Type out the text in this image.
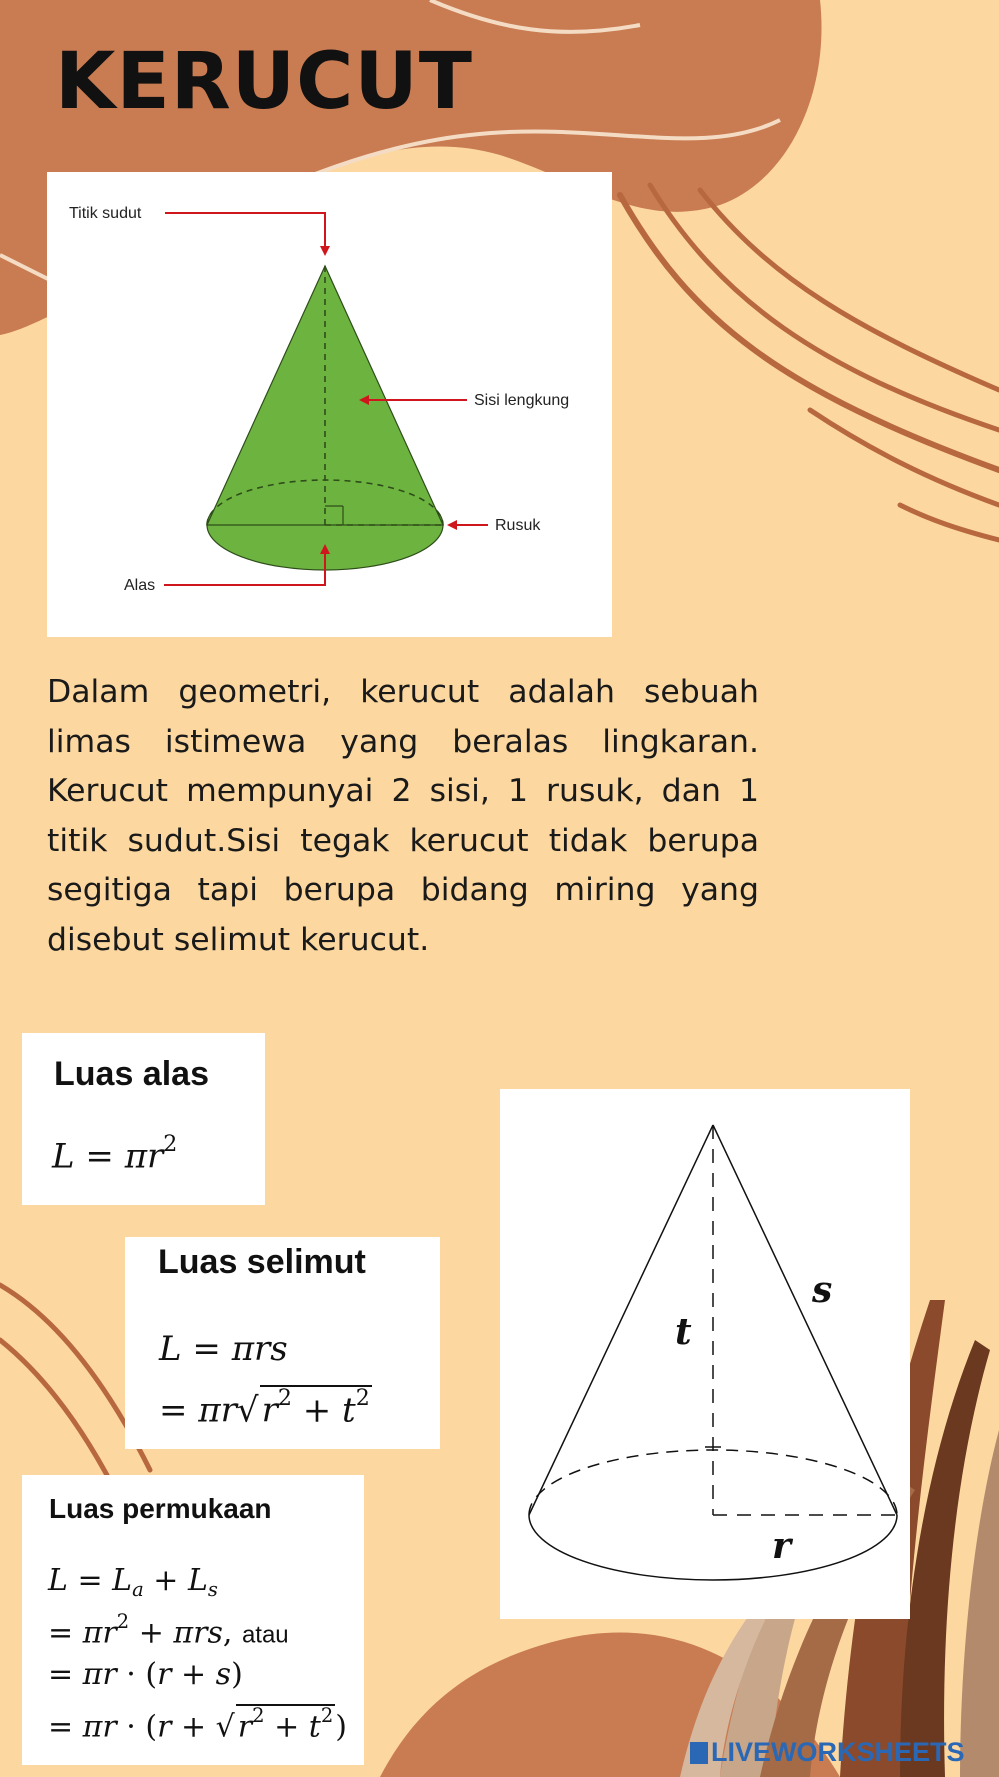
KERUCUT
Titik sudut
Sisi lengkung
Rusuk
Alas

Dalam geometri, kerucut adalah sebuah limas istimewa yang beralas lingkaran. Kerucut mempunyai 2 sisi, 1 rusuk, dan 1 titik sudut.Sisi tegak kerucut tidak berupa segitiga tapi berupa bidang miring yang disebut selimut kerucut.

Luas alas
$L = \pi r^2$
Luas selimut
L = πrs
= $\pi r√r^2 + t^2$
Luas permukaan
$L = L_a + L_s$
= $\pi r^2 + \pi rs$, atau
= πr · (r + s)
= πr · (r + √ $r^2 + t^2$)
t
s
r
LIVEWORKSHEETS
